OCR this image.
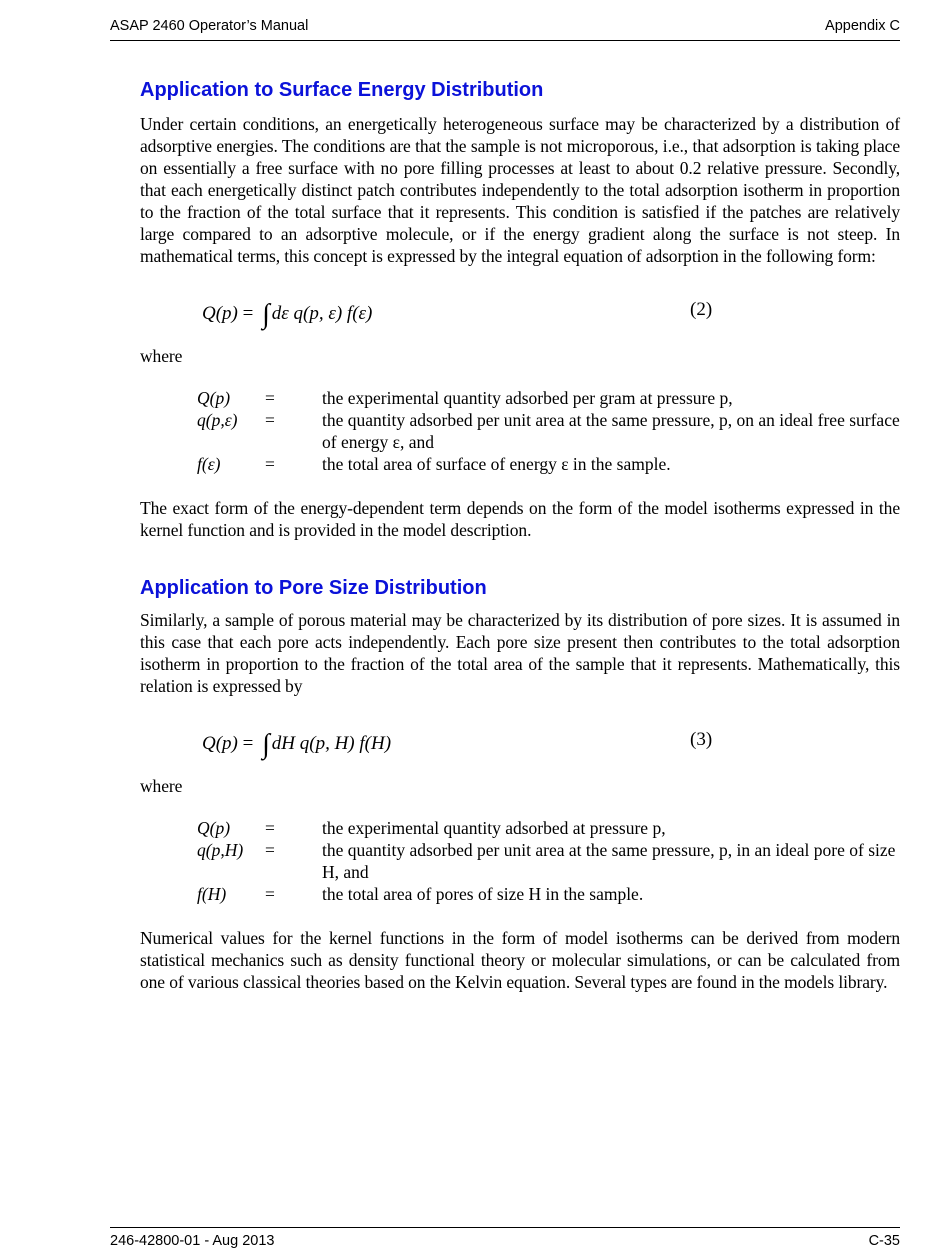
ASAP 2460 Operator’s Manual	Appendix C
Application to Surface Energy Distribution

Under certain conditions, an energetically heterogeneous surface may be characterized by a distribution of adsorptive energies. The conditions are that the sample is not microporous, i.e., that adsorption is taking place on essentially a free surface with no pore filling processes at least to about 0.2 relative pressure. Secondly, that each energetically distinct patch contributes independently to the total adsorption isotherm in proportion to the fraction of the total surface that it represents. This condition is satisfied if the patches are relatively large compared to an adsorptive molecule, or if the energy gradient along the surface is not steep. In mathematical terms, this concept is expressed by the integral equation of adsorption in the following form:

Q(p) = ∫ dε q(p, ε) f(ε)	(2)

where

Q(p) =	the experimental quantity adsorbed per gram at pressure p,
q(p,ε) =	the quantity adsorbed per unit area at the same pressure, p, on an ideal free surface of energy ε, and
f(ε)	=	the total area of surface of energy ε in the sample.

The exact form of the energy-dependent term depends on the form of the model isotherms expressed in the kernel function and is provided in the model description.

Application to Pore Size Distribution

Similarly, a sample of porous material may be characterized by its distribution of pore sizes. It is assumed in this case that each pore acts independently. Each pore size present then contributes to the total adsorption isotherm in proportion to the fraction of the total area of the sample that it represents. Mathematically, this relation is expressed by

Q(p) = ∫ dH q(p, H) f(H)	(3)

where

Q(p) =	the experimental quantity adsorbed at pressure p,
q(p,H) =	the quantity adsorbed per unit area at the same pressure, p, in an ideal pore of size H, and
f(H) =	the total area of pores of size H in the sample.

Numerical values for the kernel functions in the form of model isotherms can be derived from modern statistical mechanics such as density functional theory or molecular simulations, or can be calculated from one of various classical theories based on the Kelvin equation. Several types are found in the models library.

246-42800-01 - Aug 2013	C-35
